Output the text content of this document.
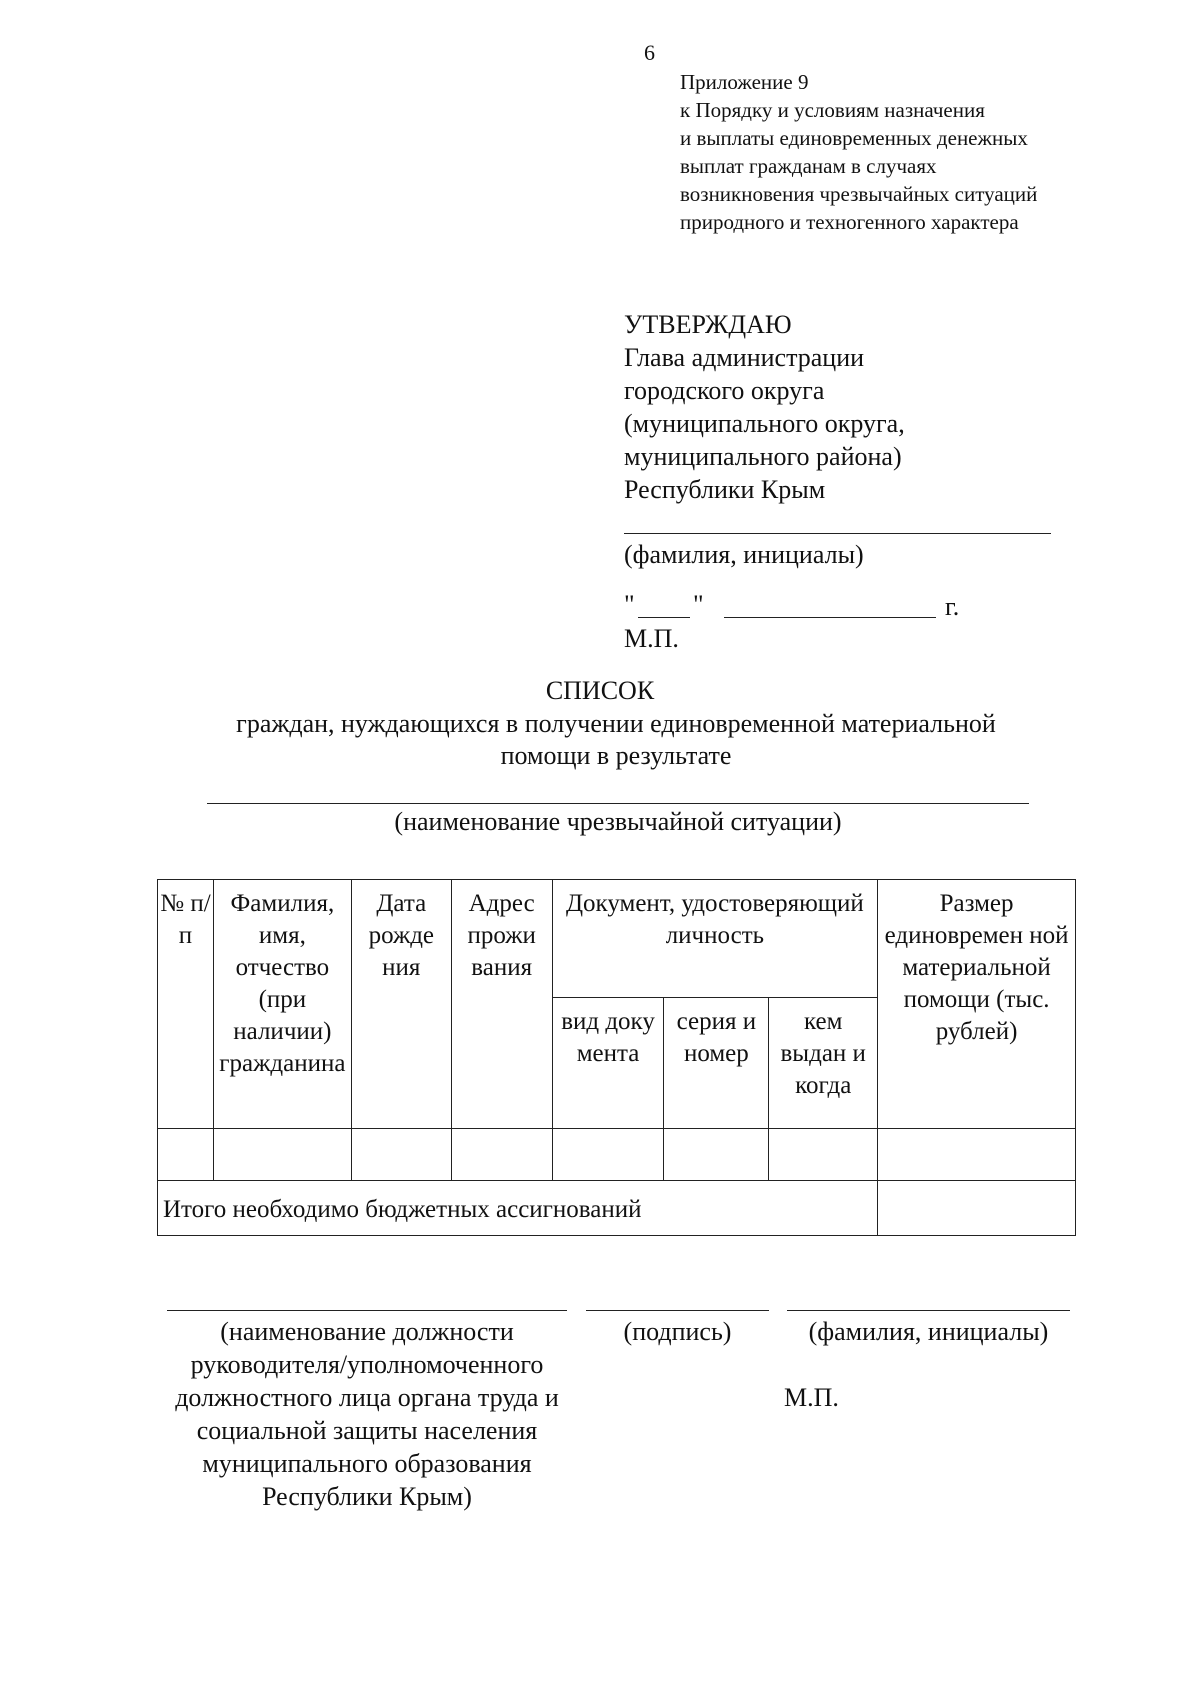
6
Приложение 9
к Порядку и условиям назначения
и выплаты единовременных денежных
выплат гражданам в случаях
возникновения чрезвычайных ситуаций
природного и техногенного характера
УТВЕРЖДАЮ
Глава администрации
городского округа
(муниципального округа,
муниципального района)
Республики Крым
(фамилия, инициалы)
" "	г.
М.П.
СПИСОК
граждан, нуждающихся в получении единовременной материальной
помощи в результате
(наименование чрезвычайной ситуации)
№ п/п	Фамилия, имя, отчество (при наличии) гражданина	Дата рожде ния	Адрес прожи вания	Документ, удостоверяющий личность			Размер единовремен ной материальной помощи (тыс. рублей)
				вид доку мента	серия и номер	кем выдан и когда	

Итого необходимо бюджетных ассигнований							
(наименование должности руководителя/уполномоченного должностного лица органа труда и социальной защиты населения муниципального образования Республики Крым)
(подпись)	(фамилия, инициалы)
М.П.
